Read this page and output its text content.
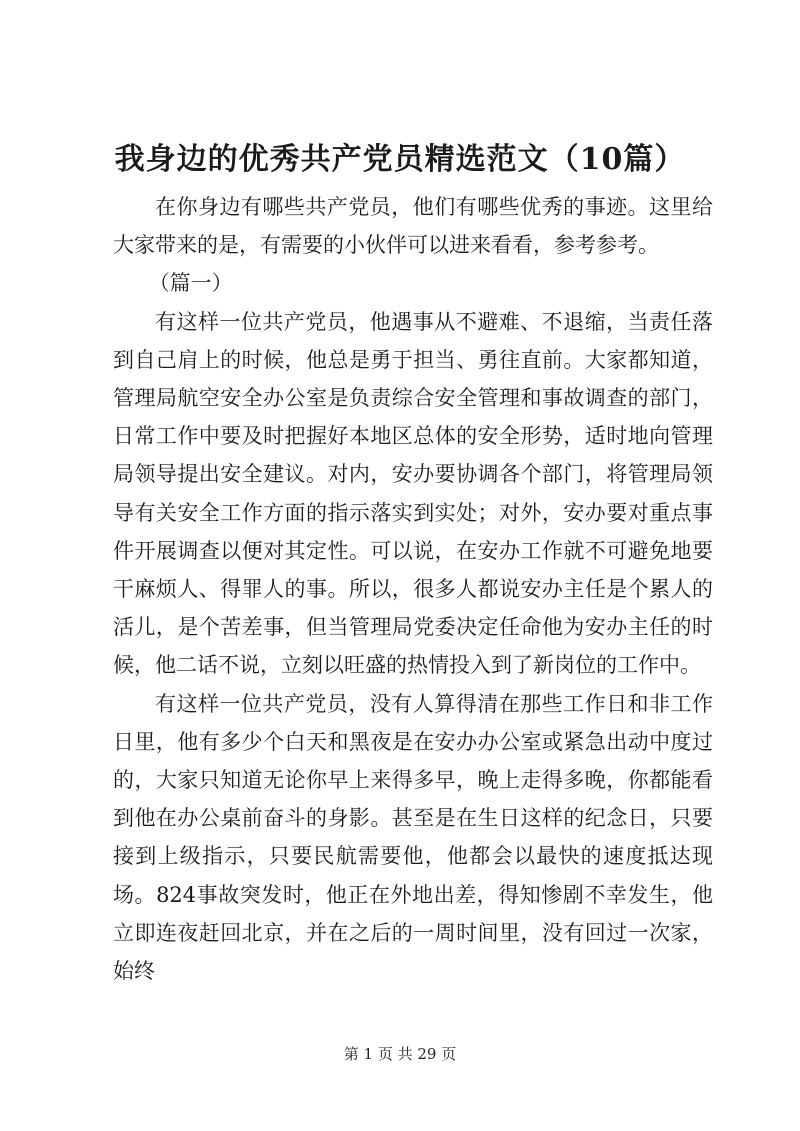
我身边的优秀共产党员精选范文（10篇）

在你身边有哪些共产党员，他们有哪些优秀的事迹。这里给大家带来的是，有需要的小伙伴可以进来看看，参考参考。

（篇一）

有这样一位共产党员，他遇事从不避难、不退缩，当责任落到自己肩上的时候，他总是勇于担当、勇往直前。大家都知道，管理局航空安全办公室是负责综合安全管理和事故调查的部门，日常工作中要及时把握好本地区总体的安全形势，适时地向管理局领导提出安全建议。对内，安办要协调各个部门，将管理局领导有关安全工作方面的指示落实到实处；对外，安办要对重点事件开展调查以便对其定性。可以说，在安办工作就不可避免地要干麻烦人、得罪人的事。所以，很多人都说安办主任是个累人的活儿，是个苦差事，但当管理局党委决定任命他为安办主任的时候，他二话不说，立刻以旺盛的热情投入到了新岗位的工作中。

有这样一位共产党员，没有人算得清在那些工作日和非工作日里，他有多少个白天和黑夜是在安办办公室或紧急出动中度过的，大家只知道无论你早上来得多早，晚上走得多晚，你都能看到他在办公桌前奋斗的身影。甚至是在生日这样的纪念日，只要接到上级指示，只要民航需要他，他都会以最快的速度抵达现场。824事故突发时，他正在外地出差，得知惨剧不幸发生，他立即连夜赶回北京，并在之后的一周时间里，没有回过一次家，始终

第 1 页 共 29 页
